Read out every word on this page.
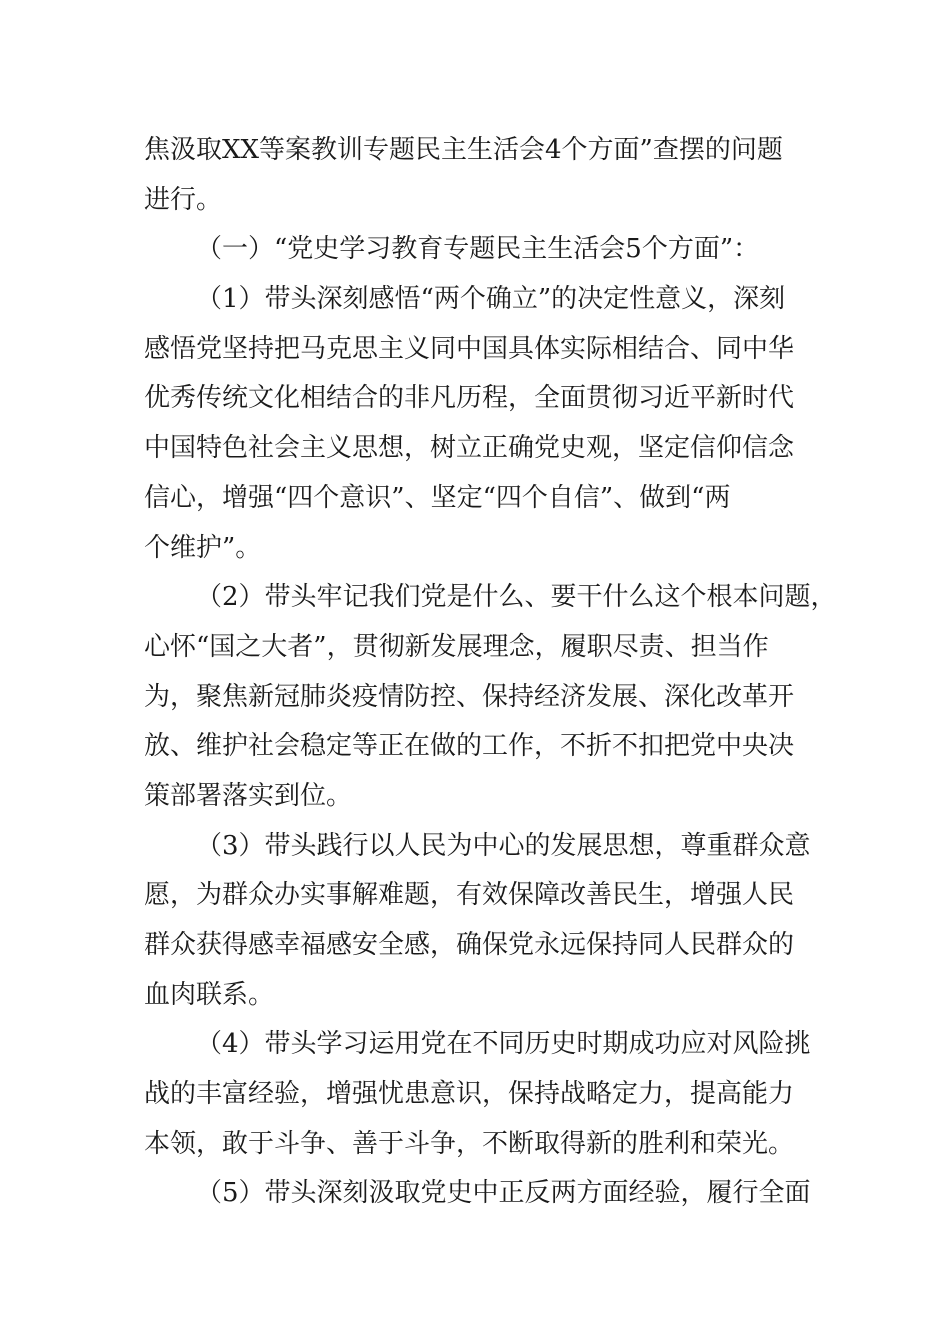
焦汲取XX等案教训专题民主生活会4个方面”查摆的问题
进行。
（一）“党史学习教育专题民主生活会5个方面”：
（1）带头深刻感悟“两个确立”的决定性意义，深刻
感悟党坚持把马克思主义同中国具体实际相结合、同中华
优秀传统文化相结合的非凡历程，全面贯彻习近平新时代
中国特色社会主义思想，树立正确党史观，坚定信仰信念
信心，增强“四个意识”、坚定“四个自信”、做到“两
个维护”。
（2）带头牢记我们党是什么、要干什么这个根本问题，
心怀“国之大者”，贯彻新发展理念，履职尽责、担当作
为，聚焦新冠肺炎疫情防控、保持经济发展、深化改革开
放、维护社会稳定等正在做的工作，不折不扣把党中央决
策部署落实到位。
（3）带头践行以人民为中心的发展思想，尊重群众意
愿，为群众办实事解难题，有效保障改善民生，增强人民
群众获得感幸福感安全感，确保党永远保持同人民群众的
血肉联系。
（4）带头学习运用党在不同历史时期成功应对风险挑
战的丰富经验，增强忧患意识，保持战略定力，提高能力
本领，敢于斗争、善于斗争，不断取得新的胜利和荣光。
（5）带头深刻汲取党史中正反两方面经验，履行全面
